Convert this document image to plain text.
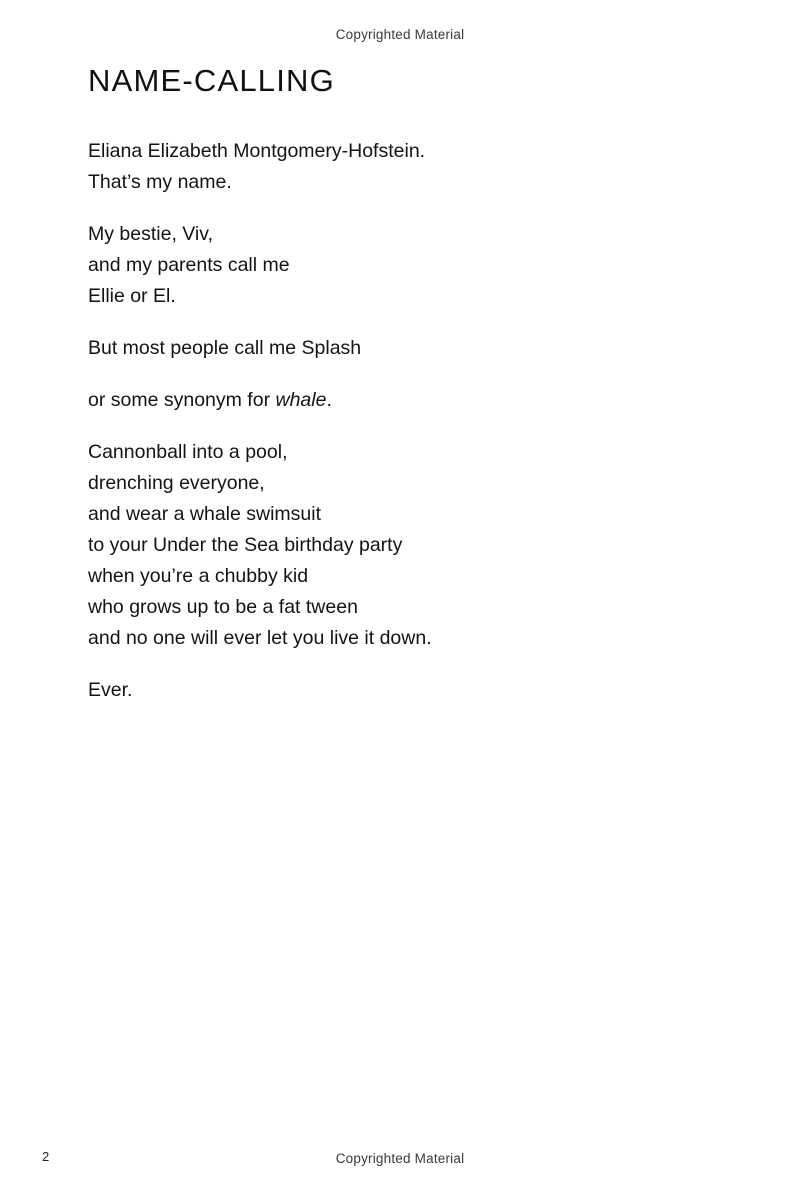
Copyrighted Material
NAME-CALLING

Eliana Elizabeth Montgomery-Hofstein.
That’s my name.

My bestie, Viv,
and my parents call me
Ellie or El.

But most people call me Splash

or some synonym for whale.

Cannonball into a pool,
drenching everyone,
and wear a whale swimsuit
to your Under the Sea birthday party
when you’re a chubby kid
who grows up to be a fat tween
and no one will ever let you live it down.

Ever.

2	Copyrighted Material
